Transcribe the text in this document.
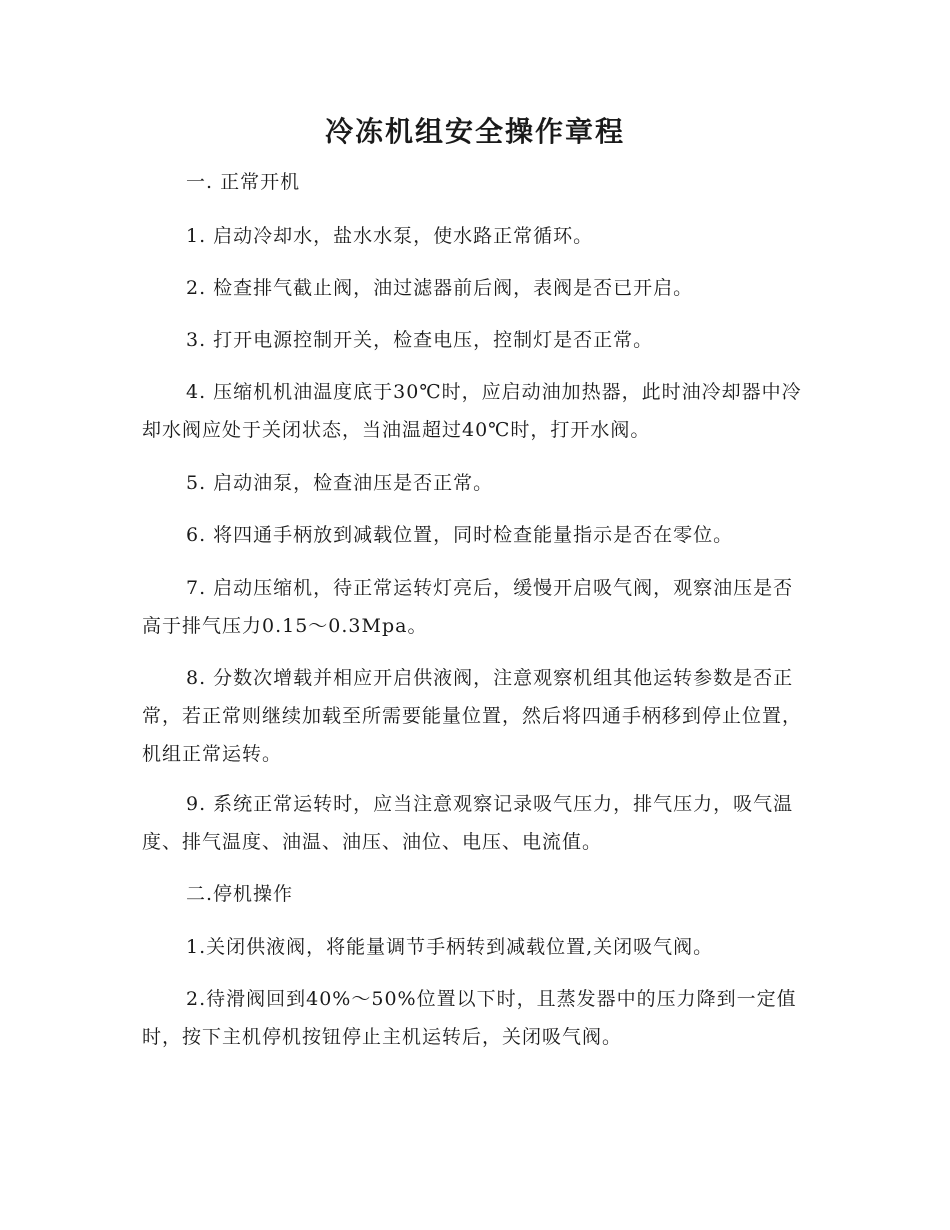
冷冻机组安全操作章程

一. 正常开机

1. 启动冷却水，盐水水泵，使水路正常循环。

2. 检查排气截止阀，油过滤器前后阀，表阀是否已开启。

3. 打开电源控制开关，检查电压，控制灯是否正常。

4. 压缩机机油温度底于30℃时，应启动油加热器，此时油冷却器中冷却水阀应处于关闭状态，当油温超过40℃时，打开水阀。

5. 启动油泵，检查油压是否正常。

6. 将四通手柄放到减载位置，同时检查能量指示是否在零位。

7. 启动压缩机，待正常运转灯亮后，缓慢开启吸气阀，观察油压是否高于排气压力0.15～0.3Mpa。

8. 分数次增载并相应开启供液阀，注意观察机组其他运转参数是否正常，若正常则继续加载至所需要能量位置，然后将四通手柄移到停止位置，机组正常运转。

9. 系统正常运转时，应当注意观察记录吸气压力，排气压力，吸气温度、排气温度、油温、油压、油位、电压、电流值。

二.停机操作

1.关闭供液阀，将能量调节手柄转到减载位置,关闭吸气阀。

2.待滑阀回到40%～50%位置以下时，且蒸发器中的压力降到一定值时，按下主机停机按钮停止主机运转后，关闭吸气阀。
